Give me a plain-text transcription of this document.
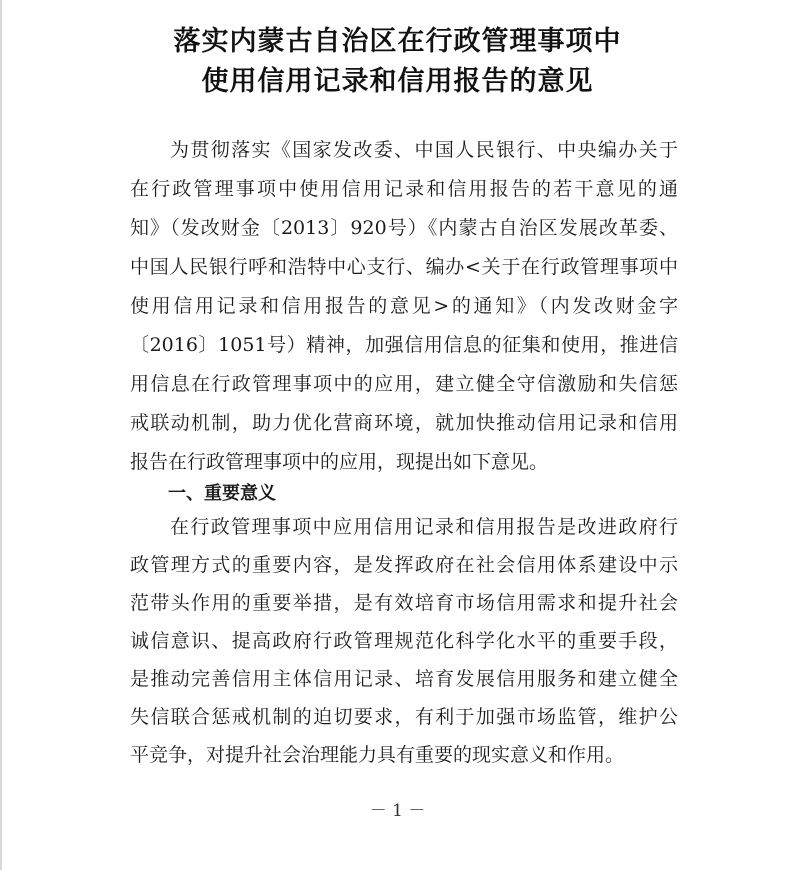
落实内蒙古自治区在行政管理事项中
使用信用记录和信用报告的意见
为贯彻落实《国家发改委、中国人民银行、中央编办关于
在行政管理事项中使用信用记录和信用报告的若干意见的通
知》（发改财金〔2013〕920号）《内蒙古自治区发展改革委、
中国人民银行呼和浩特中心支行、编办<关于在行政管理事项中
使用信用记录和信用报告的意见>的通知》（内发改财金字
〔2016〕1051号）精神，加强信用信息的征集和使用，推进信
用信息在行政管理事项中的应用，建立健全守信激励和失信惩
戒联动机制，助力优化营商环境，就加快推动信用记录和信用
报告在行政管理事项中的应用，现提出如下意见。
一、重要意义
在行政管理事项中应用信用记录和信用报告是改进政府行
政管理方式的重要内容，是发挥政府在社会信用体系建设中示
范带头作用的重要举措，是有效培育市场信用需求和提升社会
诚信意识、提高政府行政管理规范化科学化水平的重要手段，
是推动完善信用主体信用记录、培育发展信用服务和建立健全
失信联合惩戒机制的迫切要求，有利于加强市场监管，维护公
平竞争，对提升社会治理能力具有重要的现实意义和作用。
－ 1 －
